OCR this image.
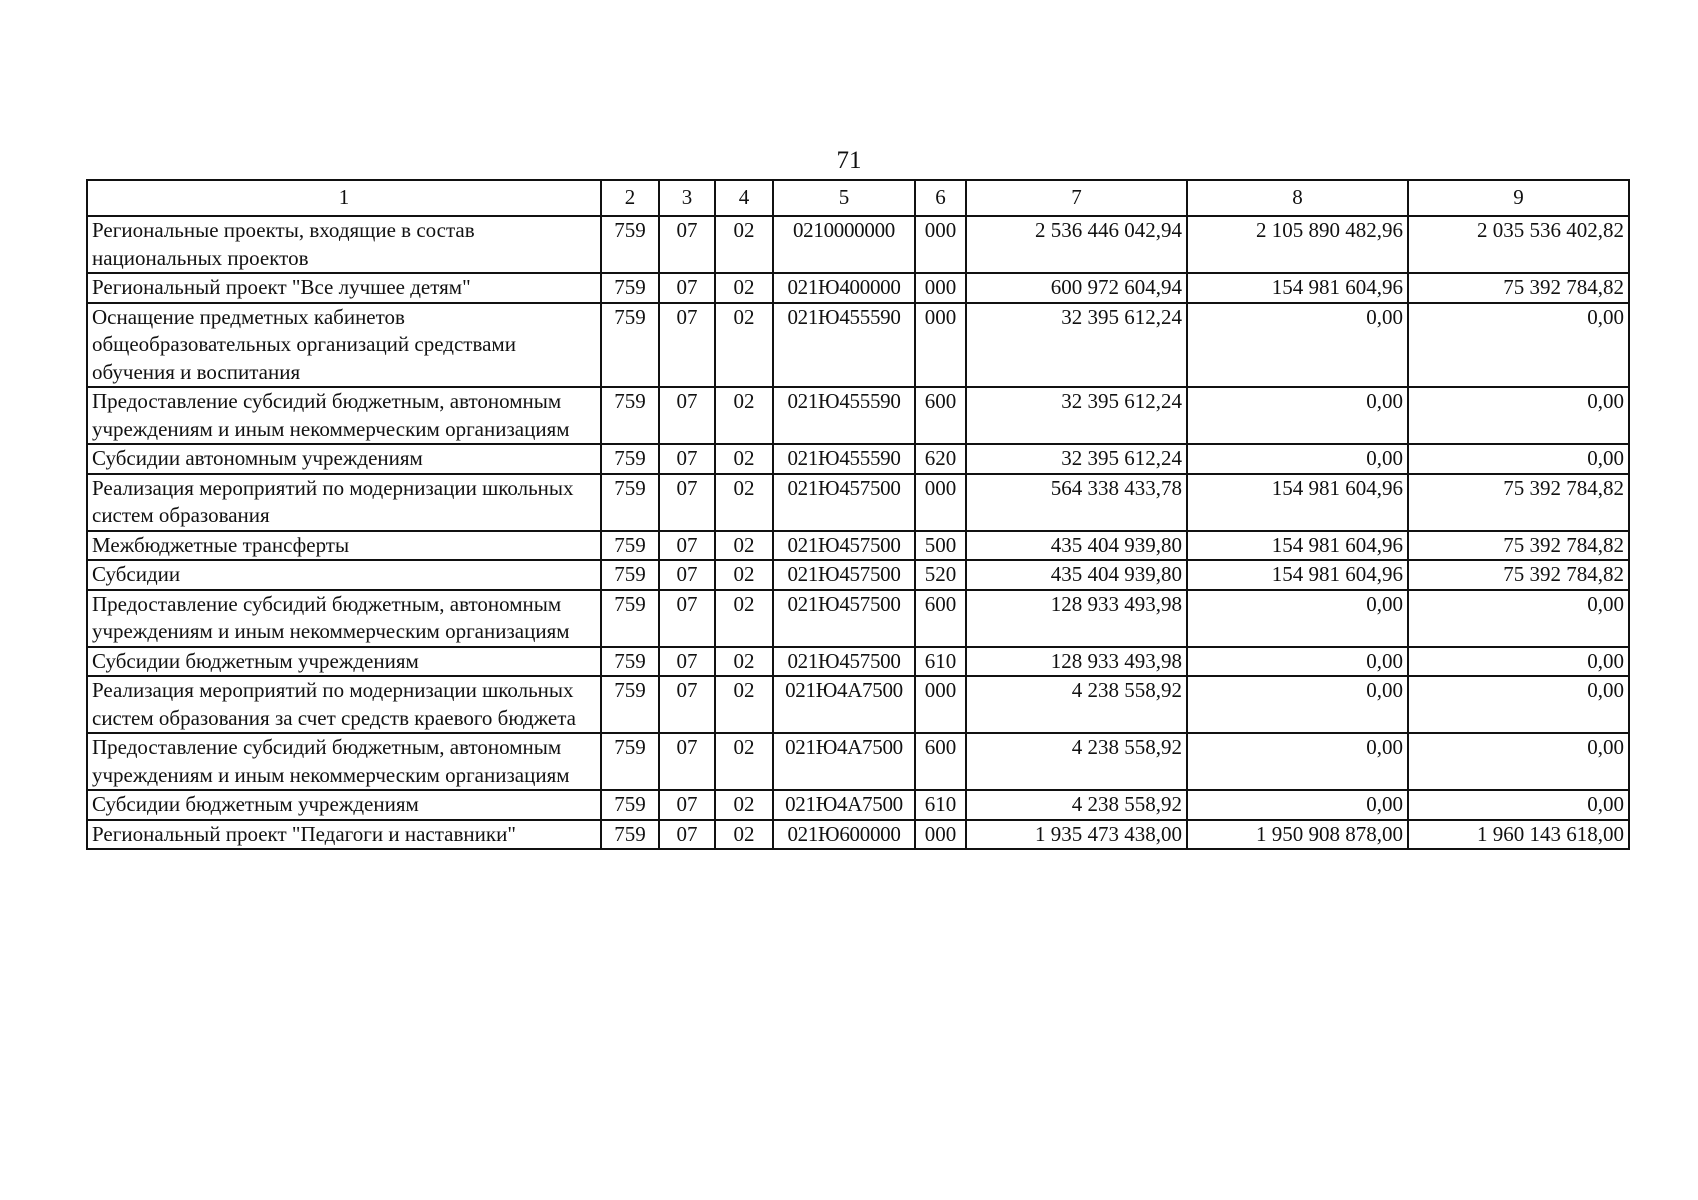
71
1	2	3	4	5	6	7	8	9
Региональные проекты, входящие в состав национальных проектов	759	07	02	0210000000	000	2 536 446 042,94	2 105 890 482,96	2 035 536 402,82
Региональный проект "Все лучшее детям"	759	07	02	021Ю400000	000	600 972 604,94	154 981 604,96	75 392 784,82
Оснащение предметных кабинетов общеобразовательных организаций средствами обучения и воспитания	759	07	02	021Ю455590	000	32 395 612,24	0,00	0,00
Предоставление субсидий бюджетным, автономным учреждениям и иным некоммерческим организациям	759	07	02	021Ю455590	600	32 395 612,24	0,00	0,00
Субсидии автономным учреждениям	759	07	02	021Ю455590	620	32 395 612,24	0,00	0,00
Реализация мероприятий по модернизации школьных систем образования	759	07	02	021Ю457500	000	564 338 433,78	154 981 604,96	75 392 784,82
Межбюджетные трансферты	759	07	02	021Ю457500	500	435 404 939,80	154 981 604,96	75 392 784,82
Субсидии	759	07	02	021Ю457500	520	435 404 939,80	154 981 604,96	75 392 784,82
Предоставление субсидий бюджетным, автономным учреждениям и иным некоммерческим организациям	759	07	02	021Ю457500	600	128 933 493,98	0,00	0,00
Субсидии бюджетным учреждениям	759	07	02	021Ю457500	610	128 933 493,98	0,00	0,00
Реализация мероприятий по модернизации школьных систем образования за счет средств краевого бюджета	759	07	02	021Ю4А7500	000	4 238 558,92	0,00	0,00
Предоставление субсидий бюджетным, автономным учреждениям и иным некоммерческим организациям	759	07	02	021Ю4А7500	600	4 238 558,92	0,00	0,00
Субсидии бюджетным учреждениям	759	07	02	021Ю4А7500	610	4 238 558,92	0,00	0,00
Региональный проект "Педагоги и наставники"	759	07	02	021Ю600000	000	1 935 473 438,00	1 950 908 878,00	1 960 143 618,00
